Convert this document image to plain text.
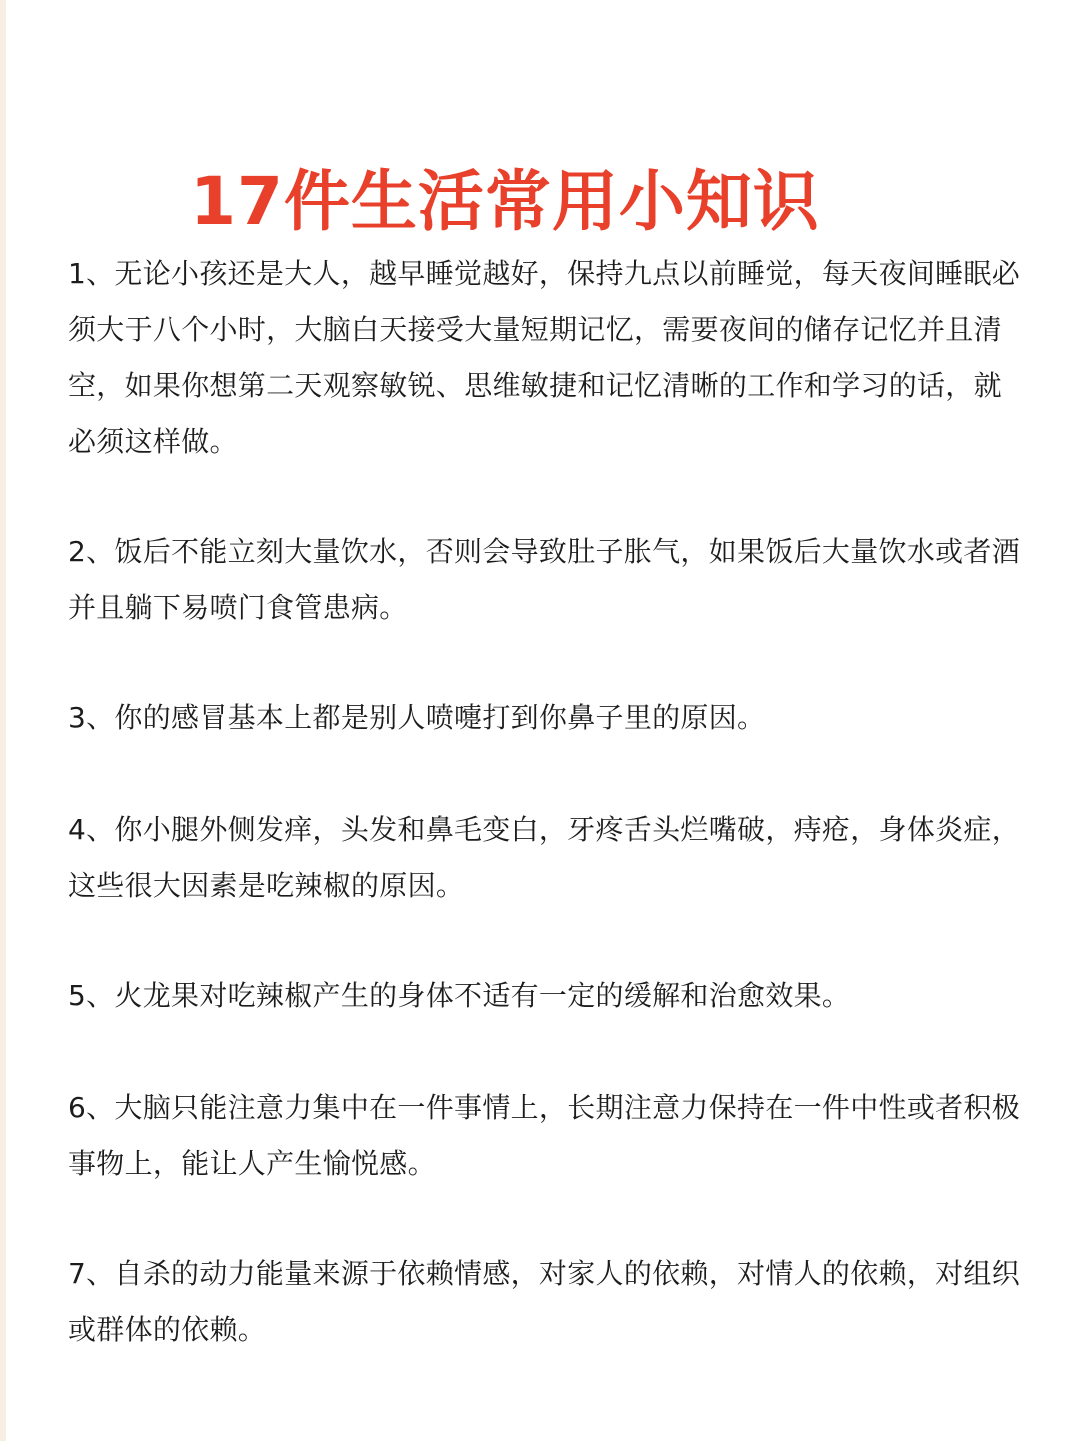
17件生活常用小知识

1、无论小孩还是大人，越早睡觉越好，保持九点以前睡觉，每天夜间睡眠必须大于八个小时，大脑白天接受大量短期记忆，需要夜间的储存记忆并且清空，如果你想第二天观察敏锐、思维敏捷和记忆清晰的工作和学习的话，就必须这样做。

2、饭后不能立刻大量饮水，否则会导致肚子胀气，如果饭后大量饮水或者酒并且躺下易喷门食管患病。

3、你的感冒基本上都是别人喷嚏打到你鼻子里的原因。

4、你小腿外侧发痒，头发和鼻毛变白，牙疼舌头烂嘴破，痔疮，身体炎症，这些很大因素是吃辣椒的原因。

5、火龙果对吃辣椒产生的身体不适有一定的缓解和治愈效果。

6、大脑只能注意力集中在一件事情上，长期注意力保持在一件中性或者积极事物上，能让人产生愉悦感。

7、自杀的动力能量来源于依赖情感，对家人的依赖，对情人的依赖，对组织或群体的依赖。
